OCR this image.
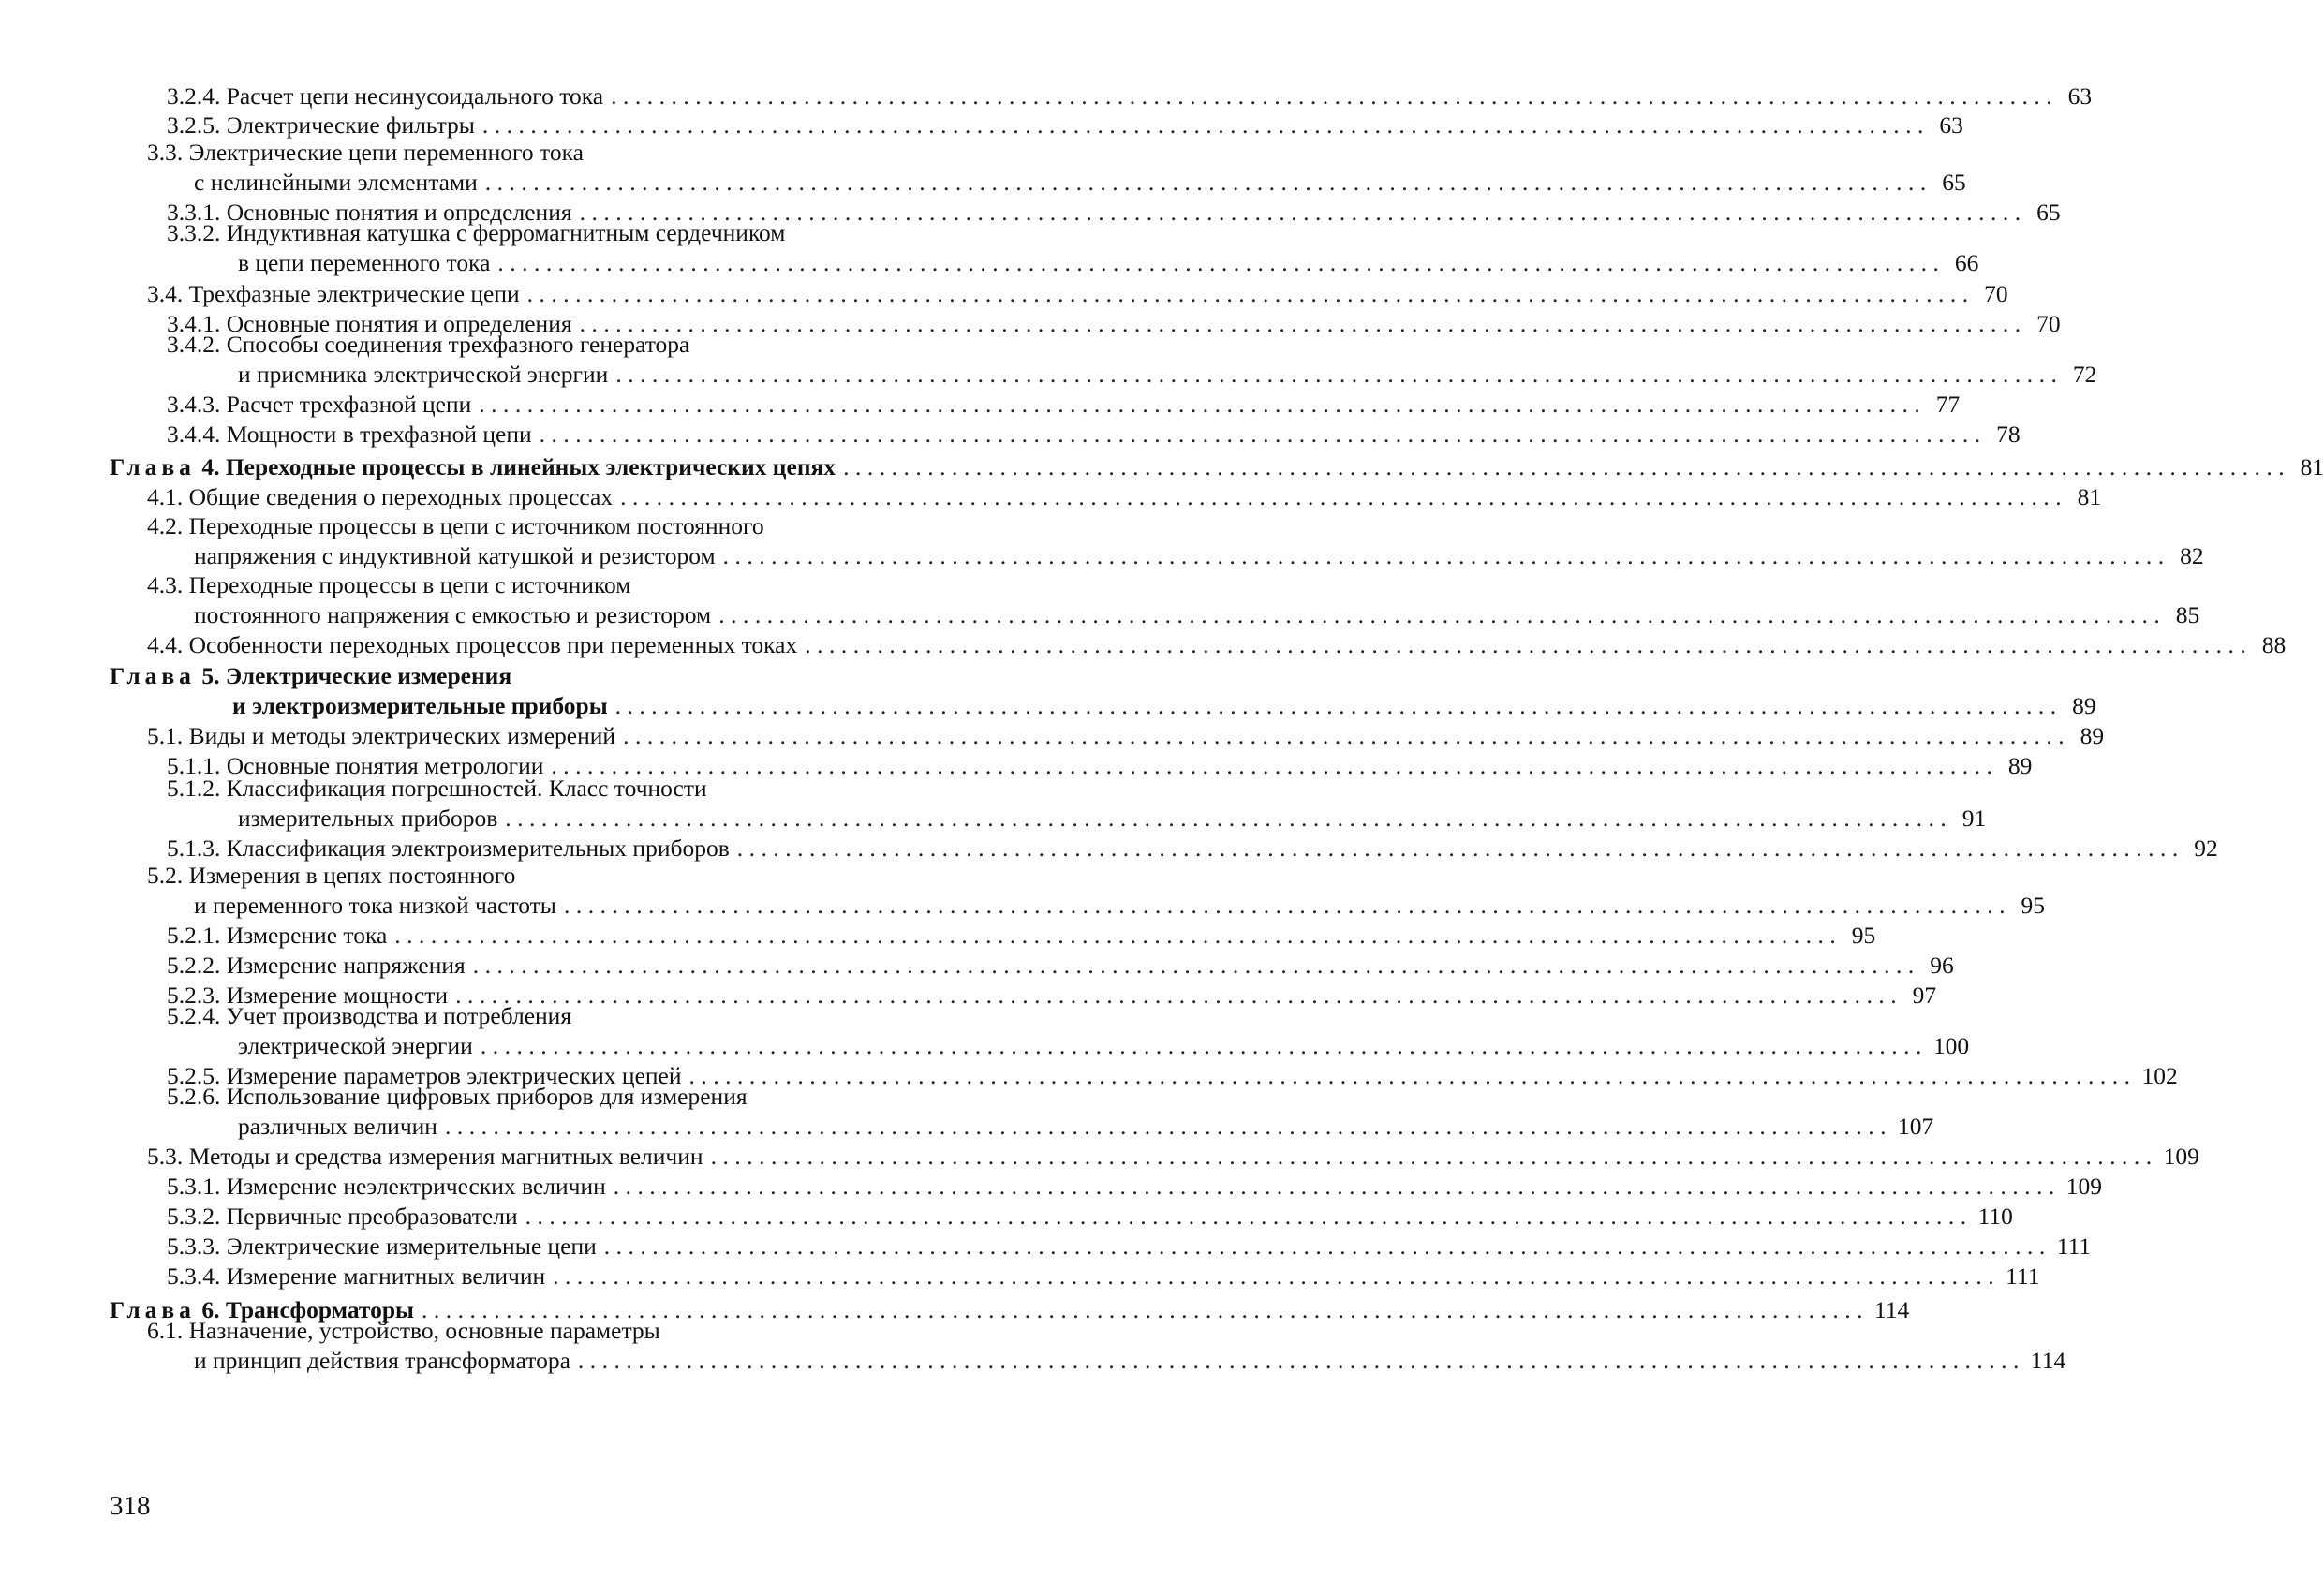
3.2.4. Расчет цепи несинусоидального тока ........................................................................................................................ 63
3.2.5. Электрические фильтры ........................................................................................................................ 63
3.3. Электрические цепи переменного тока
с нелинейными элементами ........................................................................................................................ 65
3.3.1. Основные понятия и определения ........................................................................................................................ 65
3.3.2. Индуктивная катушка с ферромагнитным сердечником
в цепи переменного тока ........................................................................................................................ 66
3.4. Трехфазные электрические цепи ........................................................................................................................ 70
3.4.1. Основные понятия и определения ........................................................................................................................ 70
3.4.2. Способы соединения трехфазного генератора
и приемника электрической энергии ........................................................................................................................ 72
3.4.3. Расчет трехфазной цепи ........................................................................................................................ 77
3.4.4. Мощности в трехфазной цепи ........................................................................................................................ 78
Глава 4. Переходные процессы в линейных электрических цепях ........................................................................................................................ 81
4.1. Общие сведения о переходных процессах ........................................................................................................................ 81
4.2. Переходные процессы в цепи с источником постоянного
напряжения с индуктивной катушкой и резистором ........................................................................................................................ 82
4.3. Переходные процессы в цепи с источником
постоянного напряжения с емкостью и резистором ........................................................................................................................ 85
4.4. Особенности переходных процессов при переменных токах ........................................................................................................................ 88
Глава 5. Электрические измерения
и электроизмерительные приборы ........................................................................................................................ 89
5.1. Виды и методы электрических измерений ........................................................................................................................ 89
5.1.1. Основные понятия метрологии ........................................................................................................................ 89
5.1.2. Классификация погрешностей. Класс точности
измерительных приборов ........................................................................................................................ 91
5.1.3. Классификация электроизмерительных приборов ........................................................................................................................ 92
5.2. Измерения в цепях постоянного
и переменного тока низкой частоты ........................................................................................................................ 95
5.2.1. Измерение тока ........................................................................................................................ 95
5.2.2. Измерение напряжения ........................................................................................................................ 96
5.2.3. Измерение мощности ........................................................................................................................ 97
5.2.4. Учет производства и потребления
электрической энергии ........................................................................................................................ 100
5.2.5. Измерение параметров электрических цепей ........................................................................................................................ 102
5.2.6. Использование цифровых приборов для измерения
различных величин ........................................................................................................................ 107
5.3. Методы и средства измерения магнитных величин ........................................................................................................................ 109
5.3.1. Измерение неэлектрических величин ........................................................................................................................ 109
5.3.2. Первичные преобразователи ........................................................................................................................ 110
5.3.3. Электрические измерительные цепи ........................................................................................................................ 111
5.3.4. Измерение магнитных величин ........................................................................................................................ 111
Глава 6. Трансформаторы ........................................................................................................................ 114
6.1. Назначение, устройство, основные параметры
и принцип действия трансформатора ........................................................................................................................ 114
318
